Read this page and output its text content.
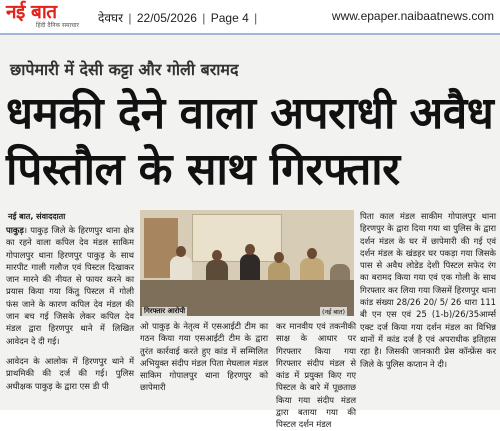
नई बात
हिंदी दैनिक समाचार
देवघर | 22/05/2026 | Page 4 |	www.epaper.naibaatnews.com
छापेमारी में देसी कट्टा और गोली बरामद
धमकी देने वाला अपराधी अवैध
पिस्तौल के साथ गिरफ्तार
नई बात, संवाददाता
पाकुड़। पाकुड़ जिले के हिरणपुर थाना क्षेत्र का रहने वाला कपिल देव मंडल साकिम गोपालपुर थाना हिरणपुर पाकुड़ के साथ मारपीट गाली गलौज एवं पिस्टल दिखाकर जान मारने की नीयत से फायर करने का प्रयास किया गया किंतु पिस्टल में गोली फंस जाने के कारण कपिल देव मंडल की जान बच गई जिसके लेकर कपिल देव मंडल द्वारा हिरणपुर थाने में लिखित आवेदन दे दी गई।
गिरफ्तार आरोपी	(नई बात)
पिता काल मंडल साकीम गोपालपुर थाना हिरणपुर के द्वारा दिया गया था पुलिस के द्वारा दर्शन मंडल के घर में छापेमारी की गई एवं दर्शन मंडल के खंडहर घर पकड़ा गया जिसके पास से अवैध लोडेड देशी पिस्टल सफेद रंग का बरामद किया गया एवं एक गोली के साथ गिरफ्तार कर लिया गया जिसमें हिरणपुर थाना कांड संख्या 28/26 20/ 5/ 26 धारा 111 बी एन एस एवं 25 (1-b)/26/35आर्म्स एक्ट दर्ज किया गया दर्शन मंडल का विभिन्न थानों में कांड दर्ज है एवं अपराधीक इतिहास रहा है। जिसकी जानकारी प्रेस कॉन्फ्रेंस कर जिले के पुलिस कप्तान ने दी।
आवेदन के आलोक में हिरणपुर थाने में प्राथमिकी की दर्ज की गई। पुलिस अधीक्षक पाकुड़ के द्वारा एस डी पी
ओ पाकुड़ के नेतृत्व में एसआईटी टीम का गठन किया गया एसआईटी टीम के द्वारा तुरंत कार्रवाई करते हुए कांड में सम्मिलित अभियुक्त संदीप मंडल पिता मेघलाल मंडल साकिम गोपालपुर थाना हिरणपुर को छापेमारी
कर मानवीय एवं तकनीकी साक्ष के आधार पर गिरफ्तार किया गया गिरफ्तार संदीप मंडल से कांड में प्रयुक्त किए गए पिस्टल के बारे में पूछताछ किया गया संदीप मंडल द्वारा बताया गया की पिस्टल दर्शन मंडल
